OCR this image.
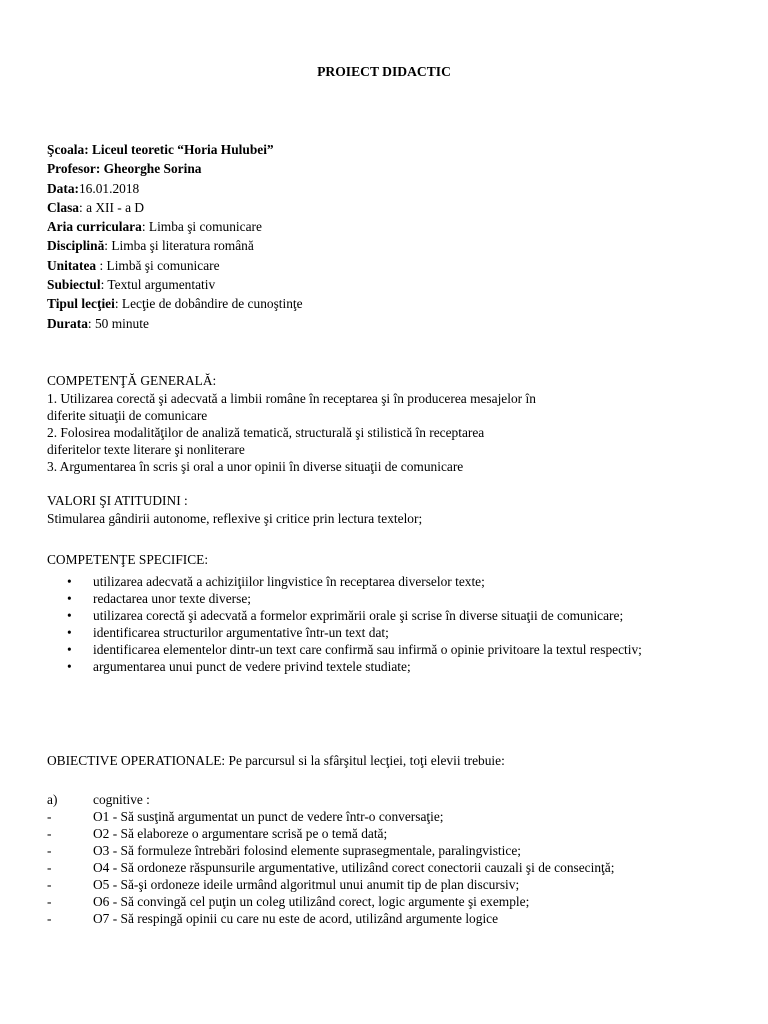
PROIECT DIDACTIC
Şcoala: Liceul teoretic “Horia Hulubei”
Profesor: Gheorghe Sorina
Data:16.01.2018
Clasa: a XII - a D
Aria curriculara: Limba şi comunicare
Disciplină: Limba şi literatura română
Unitatea : Limbă şi comunicare
Subiectul: Textul argumentativ
Tipul lecţiei: Lecţie de dobândire de cunoştinţe
Durata: 50 minute
COMPETENŢĂ GENERALĂ:
1. Utilizarea corectă şi adecvată a limbii române în receptarea şi în producerea mesajelor în
diferite situaţii de comunicare
2. Folosirea modalităţilor de analiză tematică, structurală şi stilistică în receptarea
diferitelor texte literare şi nonliterare
3. Argumentarea în scris şi oral a unor opinii în diverse situaţii de comunicare
VALORI ŞI ATITUDINI :
Stimularea gândirii autonome, reflexive şi critice prin lectura textelor;
COMPETENŢE SPECIFICE:
• utilizarea adecvată a achiziţiilor lingvistice în receptarea diverselor texte;
• redactarea unor texte diverse;
• utilizarea corectă şi adecvată a formelor exprimării orale şi scrise în diverse situaţii de comunicare;
• identificarea structurilor argumentative într-un text dat;
• identificarea elementelor dintr-un text care confirmă sau infirmă o opinie privitoare la textul respectiv;
• argumentarea unui punct de vedere privind textele studiate;
OBIECTIVE OPERATIONALE: Pe parcursul si la sfârşitul lecţiei, toţi elevii trebuie:
a)	cognitive :
-	O1 - Să susţină argumentat un punct de vedere într-o conversaţie;
-	O2 - Să elaboreze o argumentare scrisă pe o temă dată;
-	O3 - Să formuleze întrebări folosind elemente suprasegmentale, paralingvistice;
-	O4 - Să ordoneze răspunsurile argumentative, utilizând corect conectorii cauzali şi de consecinţă;
-	O5 - Să-şi ordoneze ideile urmând algoritmul unui anumit tip de plan discursiv;
-	O6 - Să convingă cel puţin un coleg utilizând corect, logic argumente şi exemple;
-	O7 - Să respingă opinii cu care nu este de acord, utilizând argumente logice
